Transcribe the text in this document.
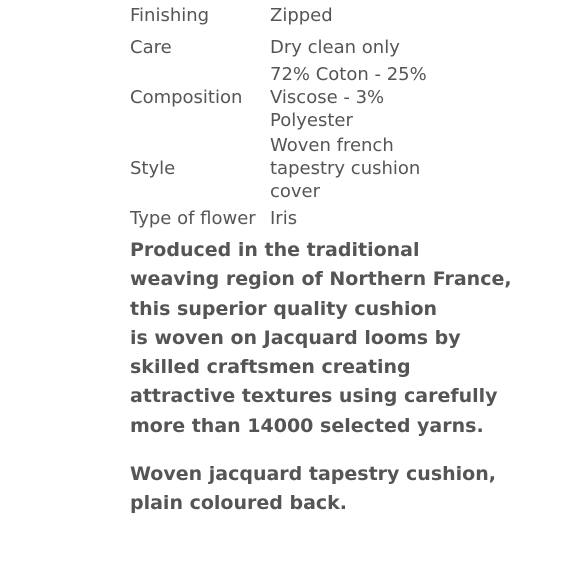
Finishing	Zipped

Care	Dry clean only

Composition	72% Coton - 25%
Viscose - 3%
Polyester

Style	Woven french
tapestry cushion
cover

Type of flower	Iris

Produced in the traditional
weaving region of Northern France,
this superior quality cushion
is woven on Jacquard looms by
skilled craftsmen creating
attractive textures using carefully
more than 14000 selected yarns.

Woven jacquard tapestry cushion,
plain coloured back.
